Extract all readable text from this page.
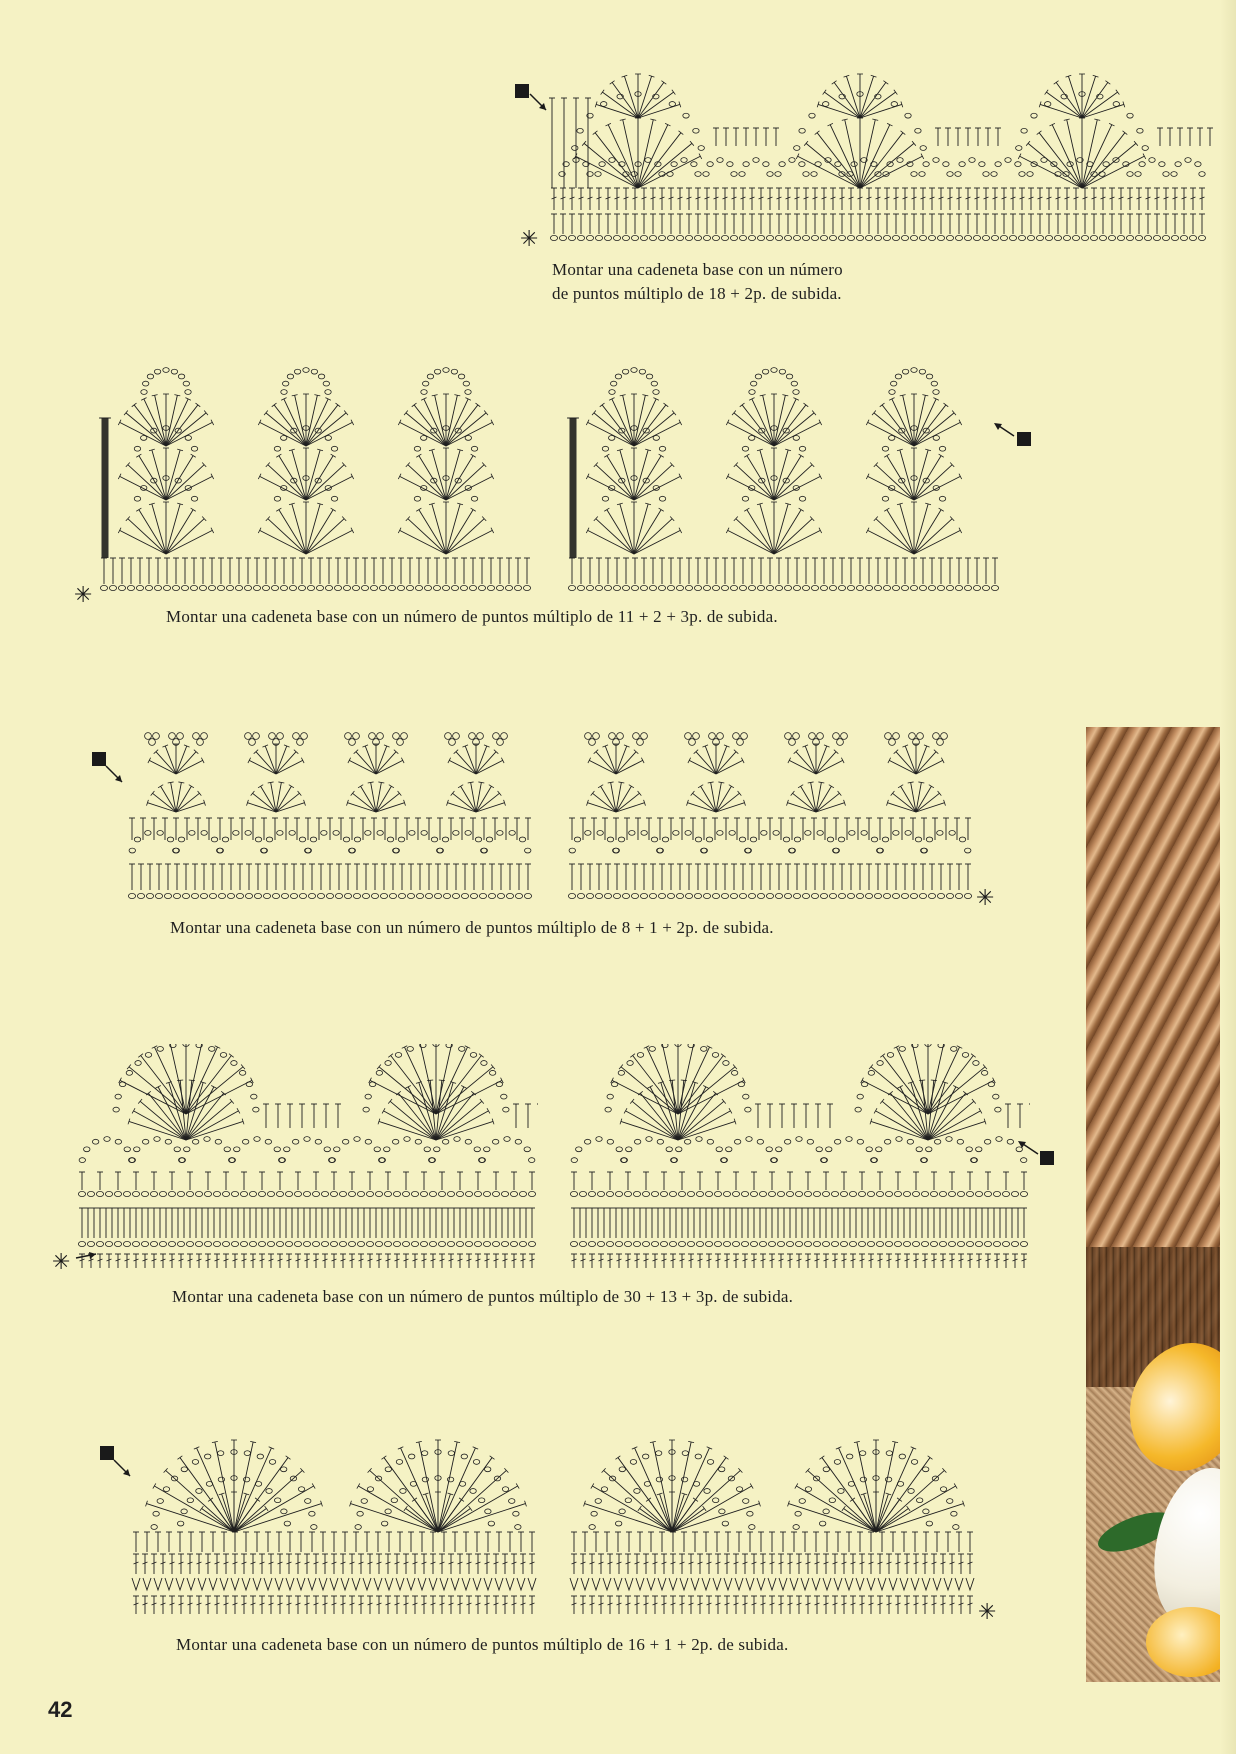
✳
Montar una cadeneta base con un número
de puntos múltiplo de 18 + 2p. de subida.
✳
Montar una cadeneta base con un número de puntos múltiplo de 11 + 2 + 3p. de subida.
✳
Montar una cadeneta base con un número de puntos múltiplo de 8 + 1 + 2p. de subida.
✳
Montar una cadeneta base con un número de puntos múltiplo de 30 + 13 + 3p. de subida.
✳
Montar una cadeneta base con un número de puntos múltiplo de 16 + 1 + 2p. de subida.
42
